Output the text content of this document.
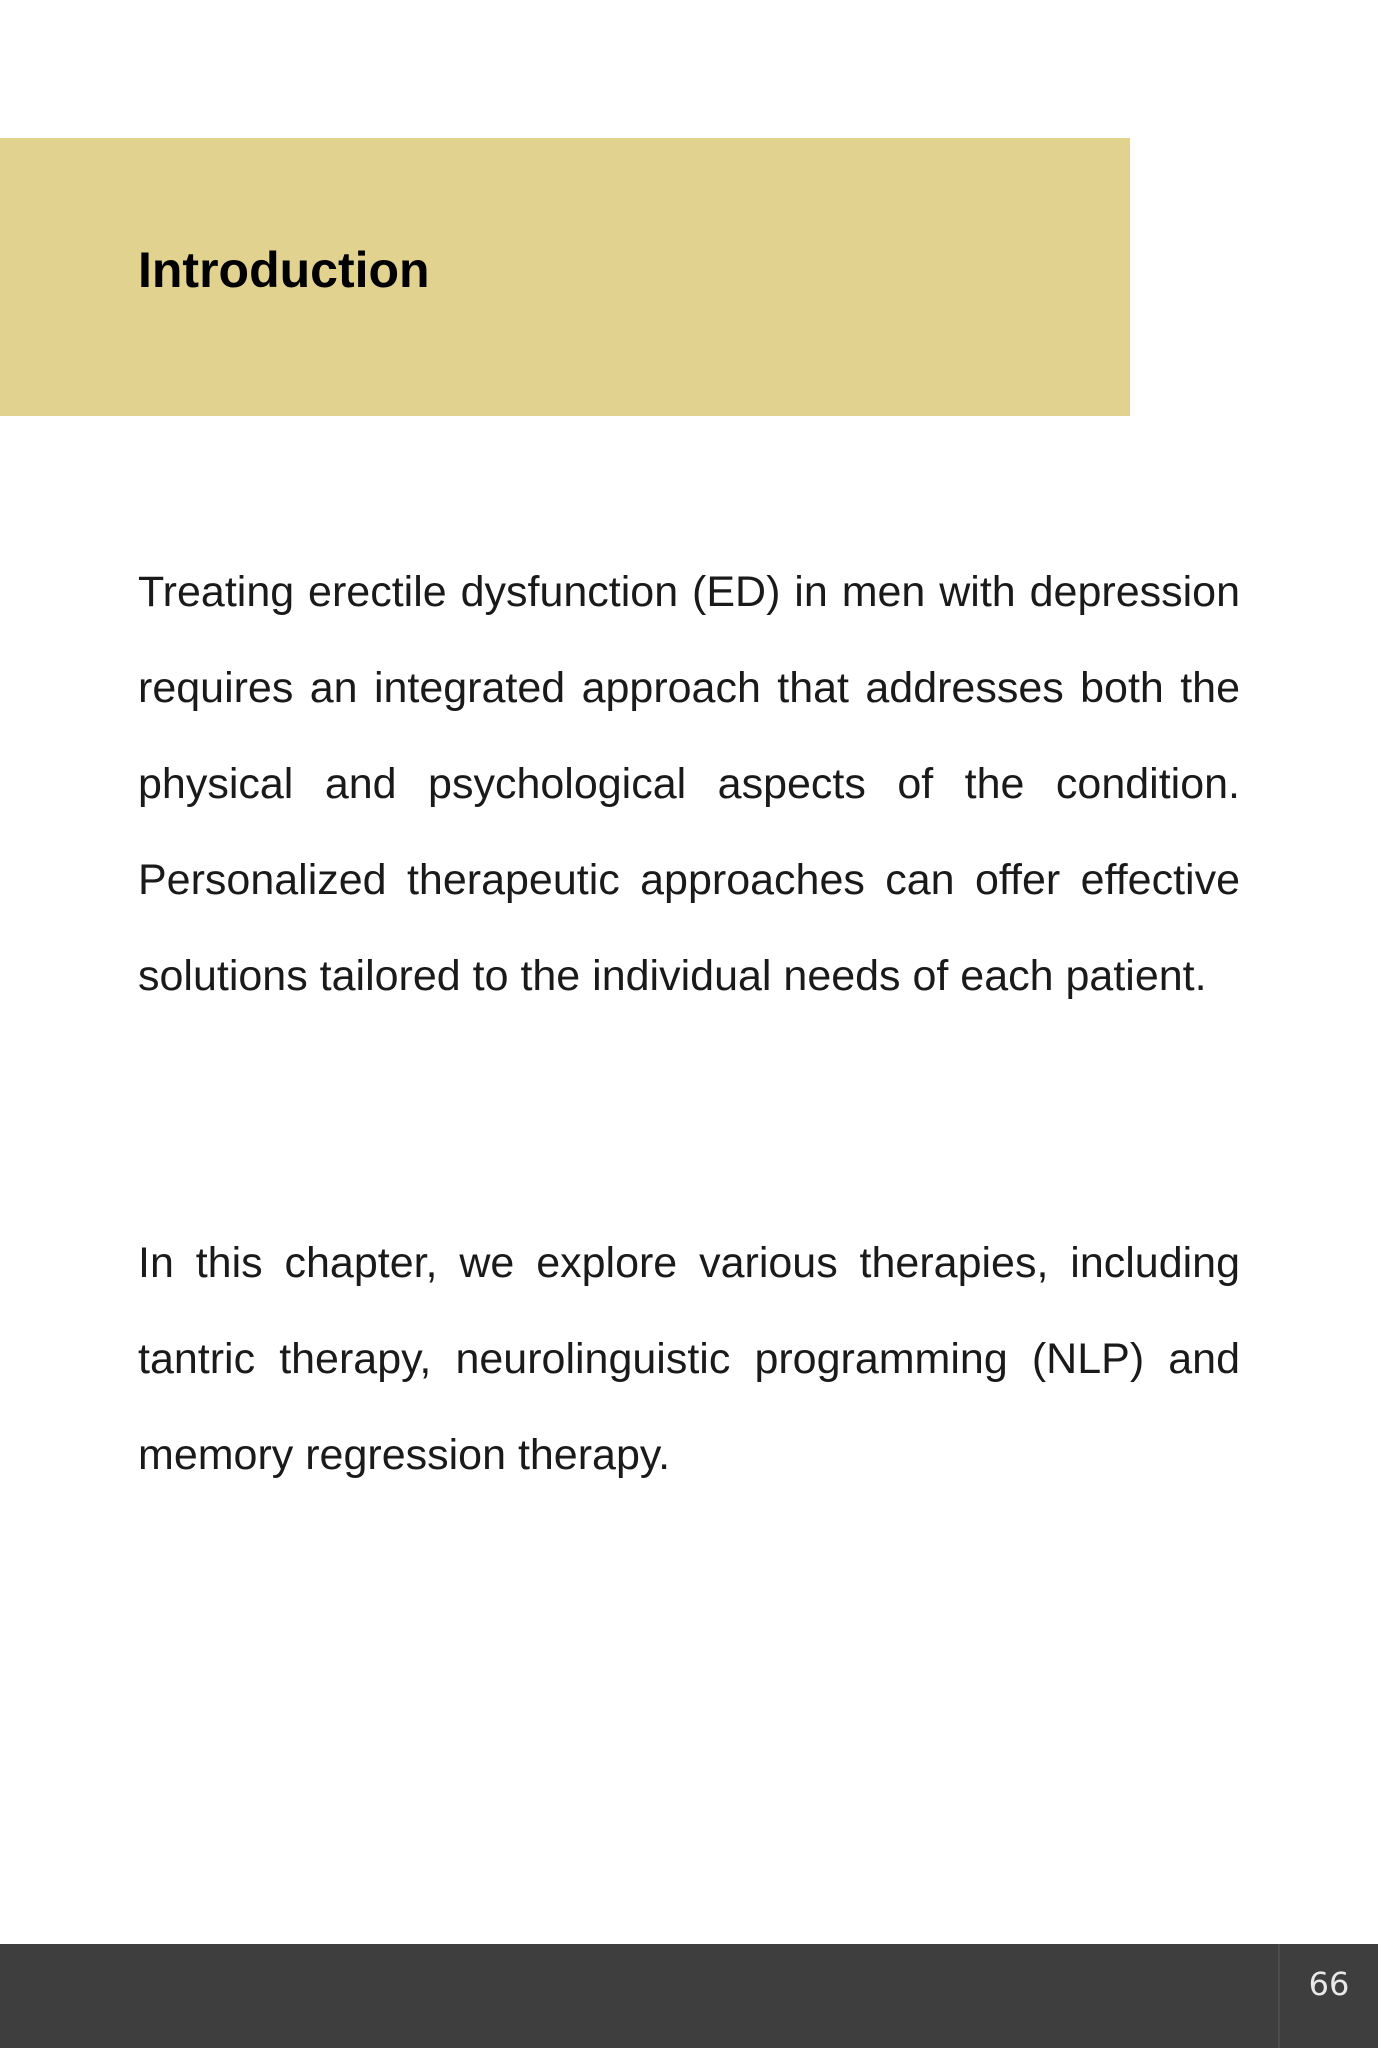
Introduction

Treating erectile dysfunction (ED) in men with depression requires an integrated approach that addresses both the physical and psychological aspects of the condition. Personalized therapeutic approaches can offer effective solutions tailored to the individual needs of each patient.

In this chapter, we explore various therapies, including tantric therapy, neurolinguistic programming (NLP) and memory regression therapy.

66
